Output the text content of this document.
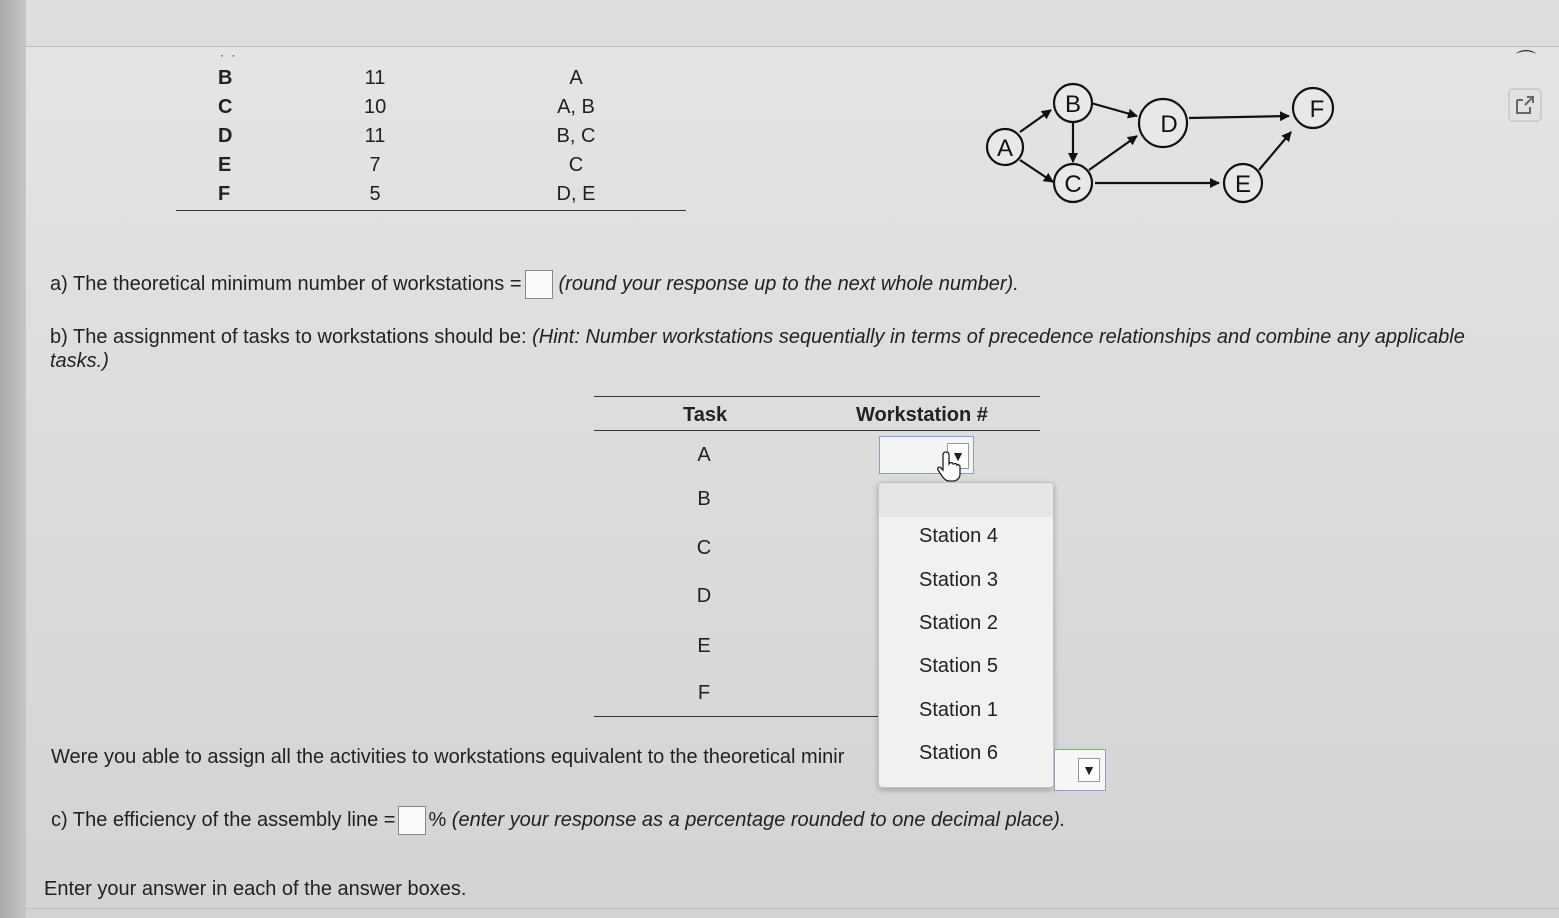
⌒
· ·
B	11	A
C	10	A, B
D	11	B, C
E	7	C
F	5	D, E
A
B
C
D
E
F
a) The theoretical minimum number of workstations = (round your response up to the next whole number).
b) The assignment of tasks to workstations should be: (Hint: Number workstations sequentially in terms of precedence relationships and combine any applicable
tasks.)
Task	Workstation #
A
B
C
D
E
F
▼
Station 4
Station 3
Station 2
Station 5
Station 1
Station 6
Were you able to assign all the activities to workstations equivalent to the theoretical minir
▼
c) The efficiency of the assembly line = % (enter your response as a percentage rounded to one decimal place).
Enter your answer in each of the answer boxes.
